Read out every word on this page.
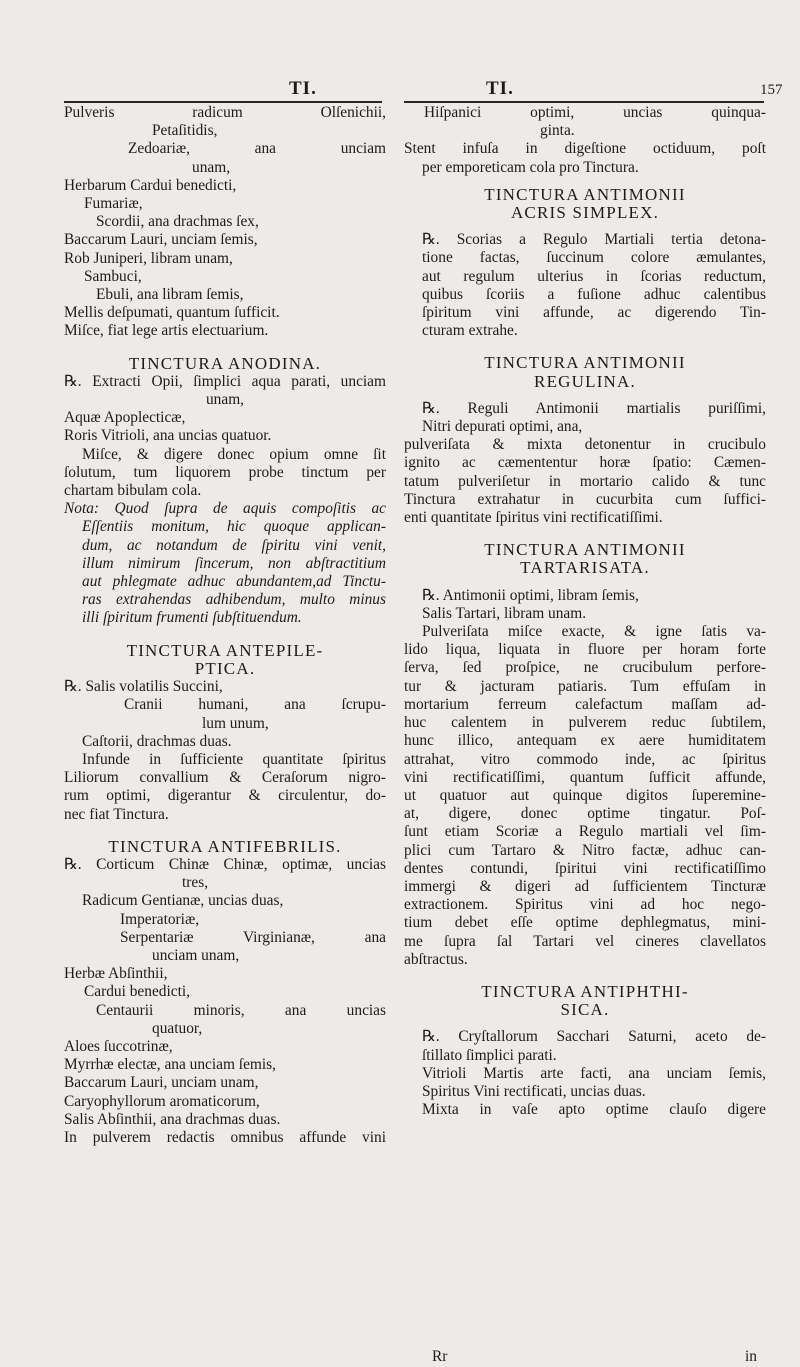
TI.	TI.	157
Pulveris radicum Olſenichii,
Petaſitidis,
Zedoariæ, ana unciam
unam,
Herbarum Cardui benedicti,
Fumariæ,
Scordii, ana drachmas ſex,
Baccarum Lauri, unciam ſemis,
Rob Juniperi, libram unam,
Sambuci,
Ebuli, ana libram ſemis,
Mellis deſpumati, quantum ſufficit.
Miſce, fiat lege artis electuarium.
TINCTURA ANODINA.
℞. Extracti Opii, ſimplici aqua parati, unciam
unam,
Aquæ Apoplecticæ,
Roris Vitrioli, ana uncias quatuor.
Miſce, & digere donec opium omne ſit
ſolutum, tum liquorem probe tinctum per
chartam bibulam cola.
Nota: Quod ſupra de aquis compoſitis ac
Eſſentiis monitum, hic quoque applican-
dum, ac notandum de ſpiritu vini venit,
illum nimirum ſincerum, non abſtractitium
aut phlegmate adhuc abundantem,ad Tinctu-
ras extrahendas adhibendum, multo minus
illi ſpiritum frumenti ſubſtituendum.
TINCTURA ANTEPILE-
PTICA.
℞. Salis volatilis Succini,
Cranii humani, ana ſcrupu-
lum unum,
Caſtorii, drachmas duas.
Infunde in ſufficiente quantitate ſpiritus
Liliorum convallium & Ceraſorum nigro-
rum optimi, digerantur & circulentur, do-
nec fiat Tinctura.
TINCTURA ANTIFEBRILIS.
℞. Corticum Chinæ Chinæ, optimæ, uncias
tres,
Radicum Gentianæ, uncias duas,
Imperatoriæ,
Serpentariæ Virginianæ, ana
unciam unam,
Herbæ Abſinthii,
Cardui benedicti,
Centaurii minoris, ana uncias
quatuor,
Aloes ſuccotrinæ,
Myrrhæ electæ, ana unciam ſemis,
Baccarum Lauri, unciam unam,
Caryophyllorum aromaticorum,
Salis Abſinthii, ana drachmas duas.
In pulverem redactis omnibus affunde vini
Hiſpanici optimi, uncias quinqua-
ginta.
Stent infuſa in digeſtione octiduum, poſt
per emporeticam cola pro Tinctura.
TINCTURA ANTIMONII
ACRIS SIMPLEX.
℞. Scorias a Regulo Martiali tertia detona-
tione factas, ſuccinum colore æmulantes,
aut regulum ulterius in ſcorias reductum,
quibus ſcoriis a fuſione adhuc calentibus
ſpiritum vini affunde, ac digerendo Tin-
cturam extrahe.
TINCTURA ANTIMONII
REGULINA.
℞. Reguli Antimonii martialis puriſſimi,
Nitri depurati optimi, ana,
pulveriſata & mixta detonentur in crucibulo
ignito ac cæmententur horæ ſpatio: Cæmen-
tatum pulveriſetur in mortario calido & tunc
Tinctura extrahatur in cucurbita cum ſuffici-
enti quantitate ſpiritus vini rectificatiſſimi.
TINCTURA ANTIMONII
TARTARISATA.
℞. Antimonii optimi, libram ſemis,
Salis Tartari, libram unam.
Pulveriſata miſce exacte, & igne ſatis va-
lido liqua, liquata in fluore per horam forte
ſerva, ſed proſpice, ne crucibulum perfore-
tur & jacturam patiaris. Tum effuſam in
mortarium ferreum calefactum maſſam ad-
huc calentem in pulverem reduc ſubtilem,
hunc illico, antequam ex aere humiditatem
attrahat, vitro commodo inde, ac ſpiritus
vini rectificatiſſimi, quantum ſufficit affunde,
ut quatuor aut quinque digitos ſuperemine-
at, digere, donec optime tingatur. Poſ-
ſunt etiam Scoriæ a Regulo martiali vel ſim-
plici cum Tartaro & Nitro factæ, adhuc can-
dentes contundi, ſpiritui vini rectificatiſſimo
immergi & digeri ad ſufficientem Tincturæ
extractionem. Spiritus vini ad hoc nego-
tium debet eſſe optime dephlegmatus, mini-
me ſupra ſal Tartari vel cineres clavellatos
abſtractus.
TINCTURA ANTIPHTHI-
SICA.
℞. Cryſtallorum Sacchari Saturni, aceto de-
ſtillato ſimplici parati.
Vitrioli Martis arte facti, ana unciam ſemis,
Spiritus Vini rectificati, uncias duas.
Mixta in vaſe apto optime clauſo digere
Rr	in
